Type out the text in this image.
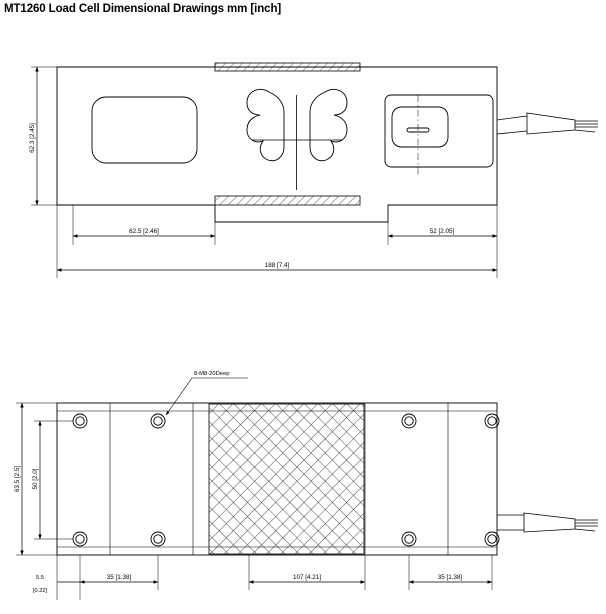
MT1260 Load Cell Dimensional Drawings mm [inch]
62.3 [2.45]
62.5 [2.46]	52 [2.05]
188 [7.4]
8-M8-20Deep
63.5 [2.5] 50 [2.0]
5.5
[0.22]
35 [1.38]	107 [4.21]	35 [1.38]
